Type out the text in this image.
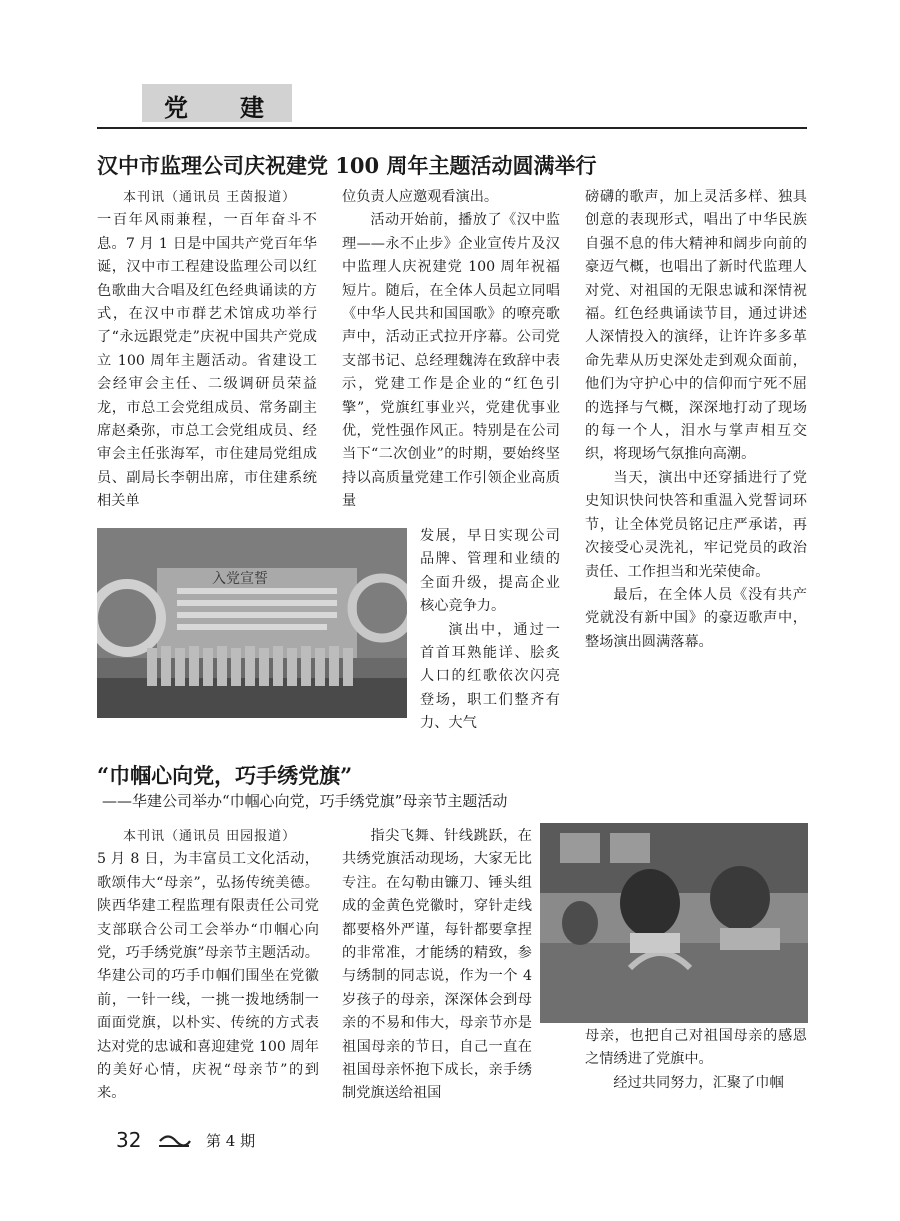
党 建
汉中市监理公司庆祝建党 100 周年主题活动圆满举行

本刊讯（通讯员 王茵报道）

一百年风雨兼程，一百年奋斗不息。7 月 1 日是中国共产党百年华诞，汉中市工程建设监理公司以红色歌曲大合唱及红色经典诵读的方式，在汉中市群艺术馆成功举行了“永远跟党走”庆祝中国共产党成立 100 周年主题活动。省建设工会经审会主任、二级调研员荣益龙，市总工会党组成员、常务副主席赵桑弥，市总工会党组成员、经审会主任张海军，市住建局党组成员、副局长李朝出席，市住建系统相关单

位负责人应邀观看演出。

活动开始前，播放了《汉中监理——永不止步》企业宣传片及汉中监理人庆祝建党 100 周年祝福短片。随后，在全体人员起立同唱《中华人民共和国国歌》的嘹亮歌声中，活动正式拉开序幕。公司党支部书记、总经理魏涛在致辞中表示，党建工作是企业的“红色引擎”，党旗红事业兴，党建优事业优，党性强作风正。特别是在公司当下“二次创业”的时期，要始终坚持以高质量党建工作引领企业高质量

发展，早日实现公司品牌、管理和业绩的全面升级，提高企业核心竞争力。

演出中，通过一首首耳熟能详、脍炙人口的红歌依次闪亮登场，职工们整齐有力、大气

磅礴的歌声，加上灵活多样、独具创意的表现形式，唱出了中华民族自强不息的伟大精神和阔步向前的豪迈气概，也唱出了新时代监理人对党、对祖国的无限忠诚和深情祝福。红色经典诵读节目，通过讲述人深情投入的演绎，让许许多多革命先辈从历史深处走到观众面前，他们为守护心中的信仰而宁死不屈的选择与气概，深深地打动了现场的每一个人，泪水与掌声相互交织，将现场气氛推向高潮。

当天，演出中还穿插进行了党史知识快问快答和重温入党誓词环节，让全体党员铭记庄严承诺，再次接受心灵洗礼，牢记党员的政治责任、工作担当和光荣使命。

最后，在全体人员《没有共产党就没有新中国》的豪迈歌声中，整场演出圆满落幕。

入党宣誓
“巾帼心向党，巧手绣党旗”
——华建公司举办“巾帼心向党，巧手绣党旗”母亲节主题活动

本刊讯（通讯员 田园报道）

5 月 8 日，为丰富员工文化活动，歌颂伟大“母亲”，弘扬传统美德。陕西华建工程监理有限责任公司党支部联合公司工会举办“巾帼心向党，巧手绣党旗”母亲节主题活动。华建公司的巧手巾帼们围坐在党徽前，一针一线，一挑一拨地绣制一面面党旗，以朴实、传统的方式表达对党的忠诚和喜迎建党 100 周年的美好心情，庆祝“母亲节”的到来。

指尖飞舞、针线跳跃，在共绣党旗活动现场，大家无比专注。在勾勒由镰刀、锤头组成的金黄色党徽时，穿针走线都要格外严谨，每针都要拿捏的非常准，才能绣的精致，参与绣制的同志说，作为一个 4 岁孩子的母亲，深深体会到母亲的不易和伟大，母亲节亦是祖国母亲的节日，自己一直在祖国母亲怀抱下成长，亲手绣制党旗送给祖国

母亲，也把自己对祖国母亲的感恩之情绣进了党旗中。

经过共同努力，汇聚了巾帼

32	第 4 期
